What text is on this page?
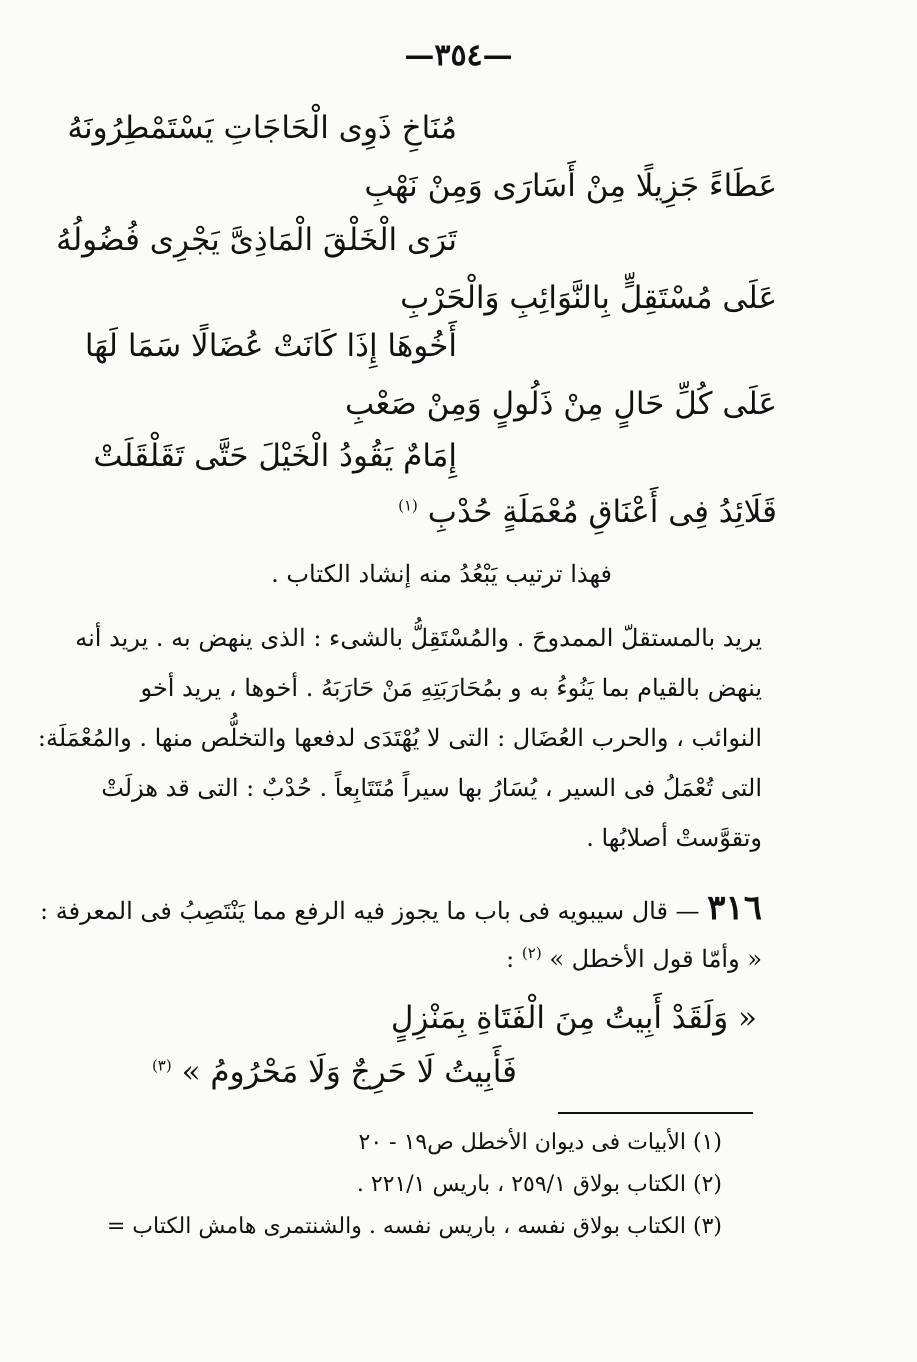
—٣٥٤—
مُنَاخِ ذَوِى الْحَاجَاتِ يَسْتَمْطِرُونَهُ
عَطَاءً جَزِيلًا مِنْ أَسَارَى وَمِنْ نَهْبِ
تَرَى الْخَلْقَ الْمَاذِىَّ يَجْرِى فُضُولُهُ
عَلَى مُسْتَقِلٍّ بِالنَّوَائِبِ وَالْحَرْبِ
أَخُوهَا إِذَا كَانَتْ عُضَالًا سَمَا لَهَا
عَلَى كُلِّ حَالٍ مِنْ ذَلُولٍ وَمِنْ صَعْبِ
إِمَامٌ يَقُودُ الْخَيْلَ حَتَّى تَقَلْقَلَتْ
قَلَائِدُ فِى أَعْنَاقِ مُعْمَلَةٍ حُدْبِ $^{(١)}$
فهذا ترتيب يَبْعُدُ منه إنشاد الكتاب .
يريد بالمستقلّ الممدوحَ . والمُسْتَقِلُّ بالشىء : الذى ينهض به . يريد أنه
ينهض بالقيام بما يَنُوءُ به و بمُحَارَبَتِهِ مَنْ حَارَبَهُ . أخوها ، يريد أخو
النوائب ، والحرب العُضَال : التى لا يُهْتَدَى لدفعها والتخلُّص منها . والمُعْمَلَة:
التى تُعْمَلُ فى السير ، يُسَارُ بها سيراً مُتَتَابِعاً . حُدْبٌ : التى قد هزلَتْ
وتقوَّستْ أصلابُها .
٣١٦ — قال سيبويه فى باب ما يجوز فيه الرفع مما يَنْتَصِبُ فى المعرفة :
« وأمّا قول الأخطل » $^{(٢)}$ :
« وَلَقَدْ أَبِيتُ مِنَ الْفَتَاةِ بِمَنْزِلٍ
فَأَبِيتُ لَا حَرِجٌ وَلَا مَحْرُومُ » $^{(٣)}$
(١) الأبيات فى ديوان الأخطل ص١٩ - ٢٠
(٢) الكتاب بولاق ٢٥٩/١ ، باريس ٢٢١/١ .
(٣) الكتاب بولاق نفسه ، باريس نفسه . والشنتمرى هامش الكتاب =
